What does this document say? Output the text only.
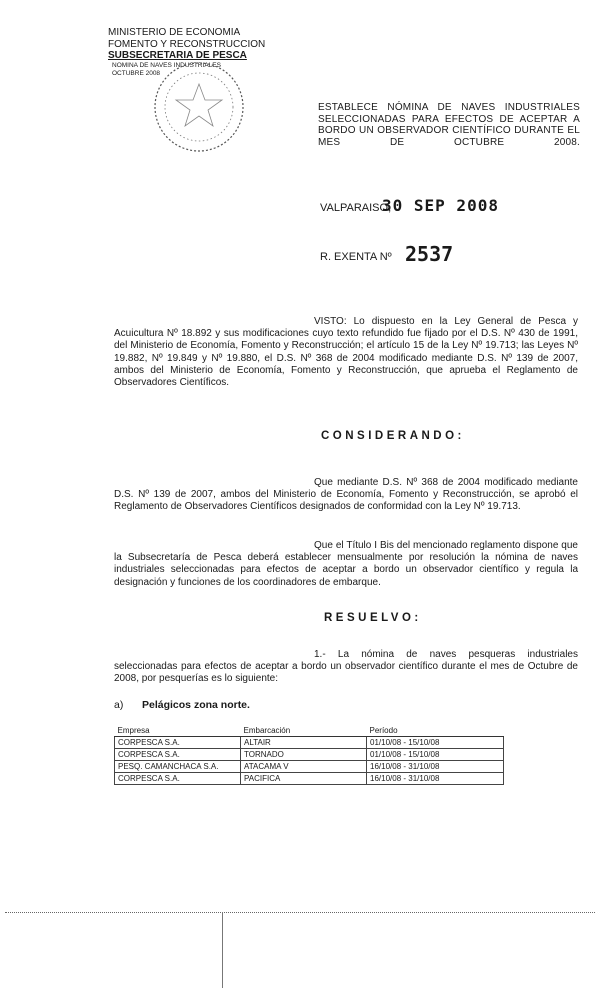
MINISTERIO DE ECONOMIA
FOMENTO Y RECONSTRUCCION
SUBSECRETARIA DE PESCA
NOMINA DE NAVES INDUSTRIALES
OCTUBRE 2008
ESTABLECE NÓMINA DE NAVES INDUSTRIALES SELECCIONADAS PARA EFECTOS DE ACEPTAR A BORDO UN OBSERVADOR CIENTÍFICO DURANTE EL MES DE OCTUBRE 2008.
VALPARAISO,
30 SEP 2008
R. EXENTA Nº 2537
VISTO: Lo dispuesto en la Ley General de Pesca y Acuicultura Nº 18.892 y sus modificaciones cuyo texto refundido fue fijado por el D.S. Nº 430 de 1991, del Ministerio de Economía, Fomento y Reconstrucción; el artículo 15 de la Ley Nº 19.713; las Leyes Nº 19.882, Nº 19.849 y Nº 19.880, el D.S. Nº 368 de 2004 modificado mediante D.S. Nº 139 de 2007, ambos del Ministerio de Economía, Fomento y Reconstrucción, que aprueba el Reglamento de Observadores Científicos.
CONSIDERANDO:
Que mediante D.S. Nº 368 de 2004 modificado mediante D.S. Nº 139 de 2007, ambos del Ministerio de Economía, Fomento y Reconstrucción, se aprobó el Reglamento de Observadores Científicos designados de conformidad con la Ley Nº 19.713.
Que el Título I Bis del mencionado reglamento dispone que la Subsecretaría de Pesca deberá establecer mensualmente por resolución la nómina de naves industriales seleccionadas para efectos de aceptar a bordo un observador científico y regula la designación y funciones de los coordinadores de embarque.
RESUELVO:
1.- La nómina de naves pesqueras industriales seleccionadas para efectos de aceptar a bordo un observador científico durante el mes de Octubre de 2008, por pesquerías es lo siguiente:
a) Pelágicos zona norte.
Empresa	Embarcación	Período
CORPESCA S.A.	ALTAIR	01/10/08 - 15/10/08
CORPESCA S.A.	TORNADO	01/10/08 - 15/10/08
PESQ. CAMANCHACA S.A.	ATACAMA V	16/10/08 - 31/10/08
CORPESCA S.A.	PACIFICA	16/10/08 - 31/10/08
